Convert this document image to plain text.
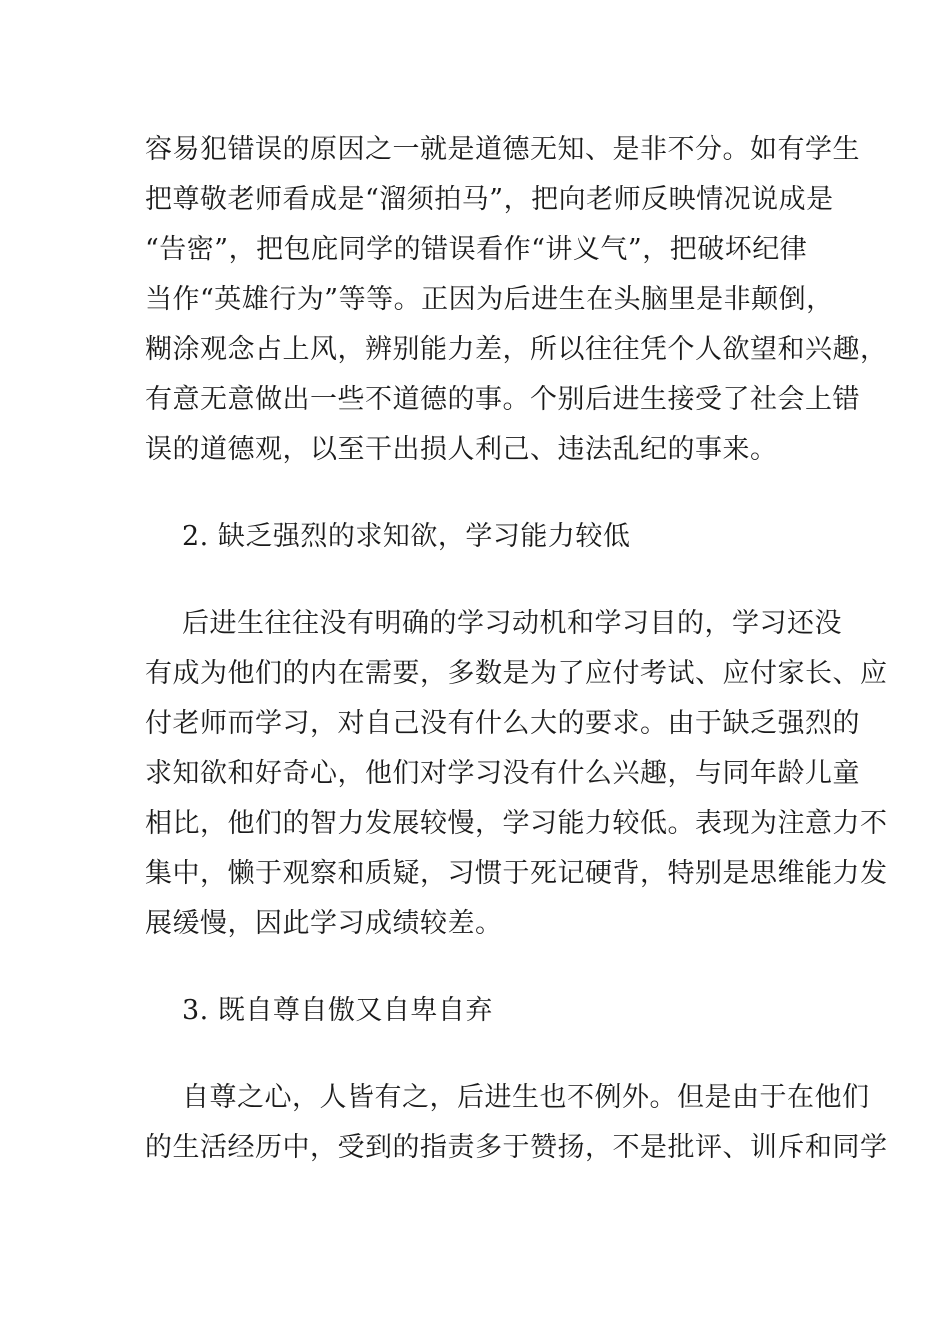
容易犯错误的原因之一就是道德无知、是非不分。如有学生
把尊敬老师看成是“溜须拍马”，把向老师反映情况说成是
“告密”，把包庇同学的错误看作“讲义气”，把破坏纪律
当作“英雄行为”等等。正因为后进生在头脑里是非颠倒，
糊涂观念占上风，辨别能力差，所以往往凭个人欲望和兴趣，
有意无意做出一些不道德的事。个别后进生接受了社会上错
误的道德观，以至干出损人利己、违法乱纪的事来。
2. 缺乏强烈的求知欲，学习能力较低
后进生往往没有明确的学习动机和学习目的，学习还没
有成为他们的内在需要，多数是为了应付考试、应付家长、应
付老师而学习，对自己没有什么大的要求。由于缺乏强烈的
求知欲和好奇心，他们对学习没有什么兴趣，与同年龄儿童
相比，他们的智力发展较慢，学习能力较低。表现为注意力不
集中，懒于观察和质疑，习惯于死记硬背，特别是思维能力发
展缓慢，因此学习成绩较差。
3. 既自尊自傲又自卑自弃
自尊之心，人皆有之，后进生也不例外。但是由于在他们
的生活经历中，受到的指责多于赞扬，不是批评、训斥和同学
